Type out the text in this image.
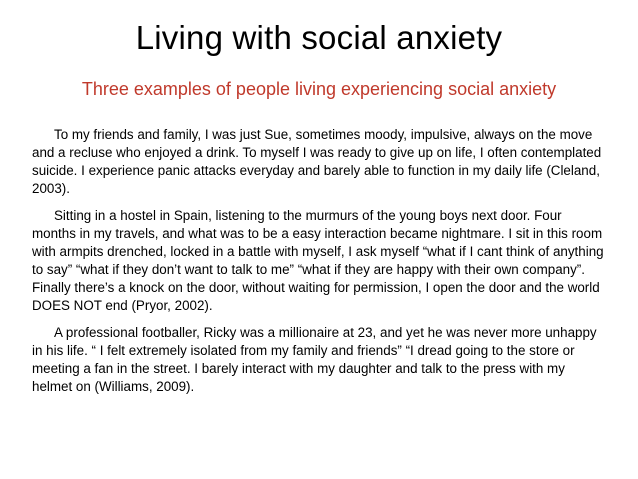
Living with social anxiety
Three examples of people living experiencing social anxiety

To my friends and family, I was just Sue, sometimes moody, impulsive, always on the move and a recluse who enjoyed a drink. To myself I was ready to give up on life, I often contemplated suicide. I experience panic attacks everyday and barely able to function in my daily life (Cleland, 2003).

Sitting in a hostel in Spain, listening to the murmurs of the young boys next door. Four months in my travels, and what was to be a easy interaction became nightmare. I sit in this room with armpits drenched, locked in a battle with myself, I ask myself “what if I cant think of anything to say” “what if they don’t want to talk to me” “what if they are happy with their own company”. Finally there’s a knock on the door, without waiting for permission, I open the door and the world DOES NOT end (Pryor, 2002).

A professional footballer, Ricky was a millionaire at 23, and yet he was never more unhappy in his life. “ I felt extremely isolated from my family and friends” “I dread going to the store or meeting a fan in the street. I barely interact with my daughter and talk to the press with my helmet on (Williams, 2009).
